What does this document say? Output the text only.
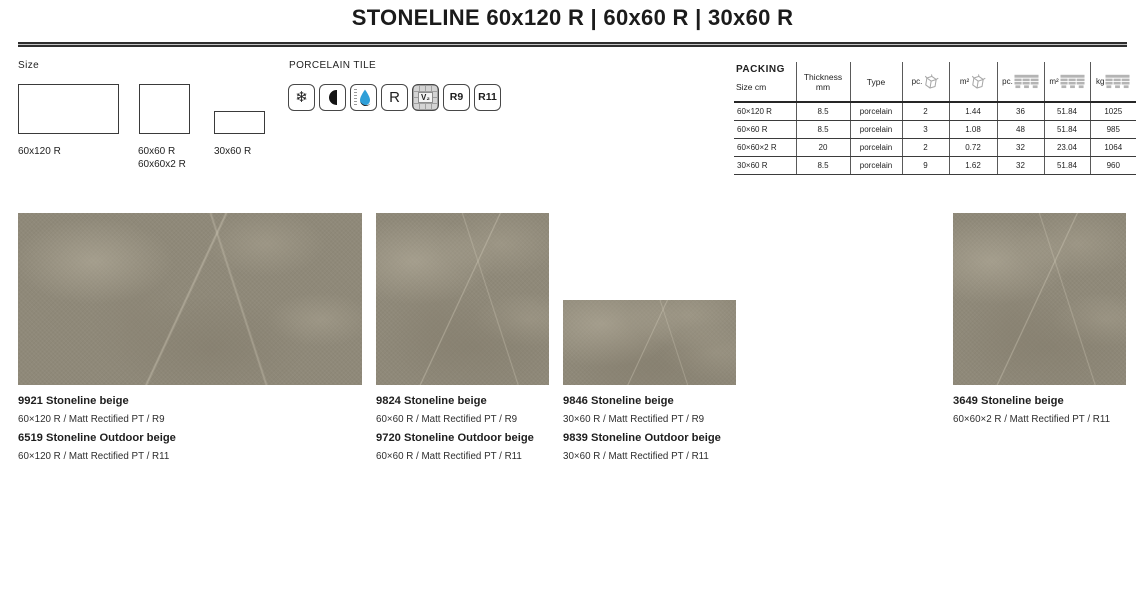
STONELINE 60x120 R | 60x60 R | 30x60 R
Size
60x120 R	60x60 R
60x60x2 R
30x60 R
PORCELAIN TILE
❄	R	V₂ R9 R11
PACKING
Size cm	Thickness mm	Type	pc.	m²	pc.	m²	kg

60×120 R	8.5	porcelain	2	1.44	36	51.84	1025
60×60 R	8.5	porcelain	3	1.08	48	51.84	985
60×60×2 R	20	porcelain	2	0.72	32	23.04	1064
30×60 R	8.5	porcelain	9	1.62	32	51.84	960
9921 Stoneline beige
60×120 R / Matt Rectified PT / R9
6519 Stoneline Outdoor beige
60×120 R / Matt Rectified PT / R11
9824 Stoneline beige
60×60 R / Matt Rectified PT / R9
9720 Stoneline Outdoor beige
60×60 R / Matt Rectified PT / R11
9846 Stoneline beige
30×60 R / Matt Rectified PT / R9
9839 Stoneline Outdoor beige
30×60 R / Matt Rectified PT / R11
3649 Stoneline beige
60×60×2 R / Matt Rectified PT / R11
